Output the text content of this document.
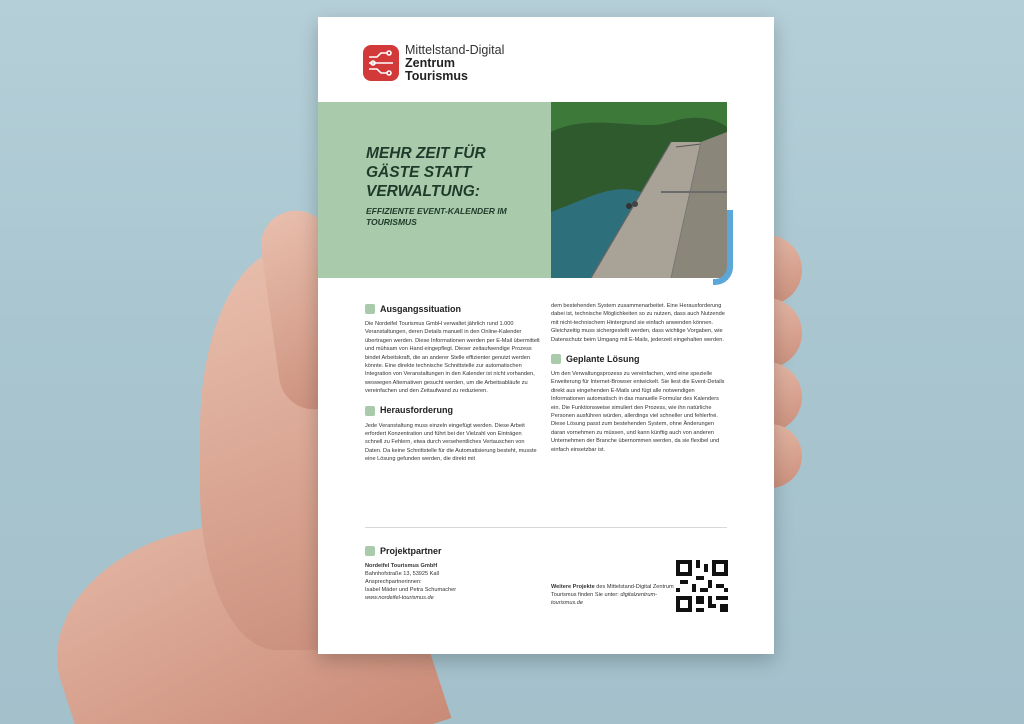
Mittelstand-Digital
Zentrum
Tourismus
MEHR ZEIT FÜR GÄSTE STATT VERWALTUNG:
EFFIZIENTE EVENT-KALENDER IM TOURISMUS
Ausgangssituation

Die Nordeifel Tourismus GmbH verwaltet jährlich rund 1.000 Veranstaltungen, deren Details manuell in den Online-Kalender übertragen werden. Diese Informationen werden per E-Mail übermittelt und mühsam von Hand eingepflegt. Dieser zeitaufwendige Prozess bindet Arbeitskraft, die an anderer Stelle effizienter genutzt werden könnte. Eine direkte technische Schnittstelle zur automatischen Integration von Veranstaltungen in den Kalender ist nicht vorhanden, weswegen Alternativen gesucht werden, um die Arbeitsabläufe zu vereinfachen und den Zeitaufwand zu reduzieren.

Herausforderung

Jede Veranstaltung muss einzeln eingefügt werden. Diese Arbeit erfordert Konzentration und führt bei der Vielzahl von Einträgen schnell zu Fehlern, etwa durch versehentliches Vertauschen von Daten. Da keine Schnittstelle für die Automatisierung besteht, musste eine Lösung gefunden werden, die direkt mit

dem bestehenden System zusammenarbeitet. Eine Herausforderung dabei ist, technische Möglichkeiten so zu nutzen, dass auch Nutzende mit nicht-technischem Hintergrund sie einfach anwenden können. Gleichzeitig muss sichergestellt werden, dass wichtige Vorgaben, wie Datenschutz beim Umgang mit E-Mails, jederzeit eingehalten werden.

Geplante Lösung

Um den Verwaltungsprozess zu vereinfachen, wird eine spezielle Erweiterung für Internet-Browser entwickelt. Sie liest die Event-Details direkt aus eingehenden E-Mails und fügt alle notwendigen Informationen automatisch in das manuelle Formular des Kalenders ein. Die Funktionsweise simuliert den Prozess, wie ihn natürliche Personen ausführen würden, allerdings viel schneller und fehlerfrei. Diese Lösung passt zum bestehenden System, ohne Änderungen daran vornehmen zu müssen, und kann künftig auch von anderen Unternehmen der Branche übernommen werden, da sie flexibel und einfach einsetzbar ist.

Projektpartner
Nordeifel Tourismus GmbH
Bahnhofstraße 13, 53925 Kall
Ansprechpartnerinnen:
Isabel Mäder und Petra Schumacher
www.nordeifel-tourismus.de
Weitere Projekte des Mittelstand-Digital Zentrum Tourismus finden Sie unter: digitalzentrum-tourismus.de
